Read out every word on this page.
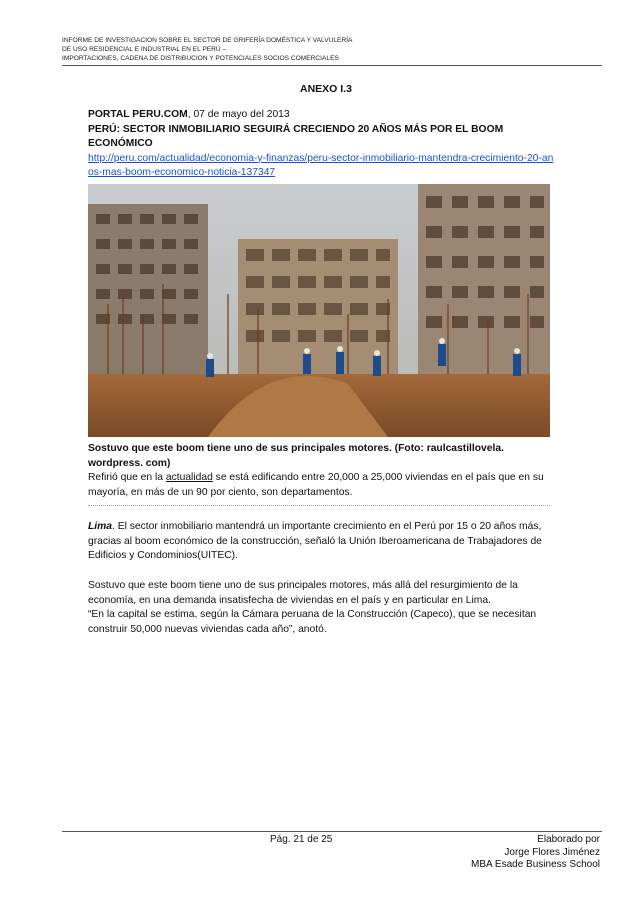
INFORME DE INVESTIGACION SOBRE EL SECTOR DE GRIFERÍA DOMÉSTICA Y VALVULERÍA
DE USO RESIDENCIAL E INDUSTRIAL EN EL PERÚ –
IMPORTACIONES, CADENA DE DISTRIBUCION Y POTENCIALES SOCIOS COMERCIALES
ANEXO I.3
PORTAL PERU.COM, 07 de mayo del 2013
PERÚ: SECTOR INMOBILIARIO SEGUIRÁ CRECIENDO 20 AÑOS MÁS POR EL BOOM ECONÓMICO
http://peru.com/actualidad/economia-y-finanzas/peru-sector-inmobiliario-mantendra-crecimiento-20-anos-mas-boom-economico-noticia-137347
Sostuvo que este boom tiene uno de sus principales motores. (Foto: raulcastillovela. wordpress. com)
Refirió que en la actualidad se está edificando entre 20,000 a 25,000 viviendas en el país que en su mayoría, en más de un 90 por ciento, son departamentos.
Lima. El sector inmobiliario mantendrá un importante crecimiento en el Perú por 15 o 20 años más, gracias al boom económico de la construcción, señaló la Unión Iberoamericana de Trabajadores de Edificios y Condominios(UITEC).
Sostuvo que este boom tiene uno de sus principales motores, más allá del resurgimiento de la economía, en una demanda insatisfecha de viviendas en el país y en particular en Lima.
“En la capital se estima, según la Cámara peruana de la Construcción (Capeco), que se necesitan construir 50,000 nuevas viviendas cada año”, anotó.
Pág. 21 de 25	Elaborado por
Jorge Flores Jiménez
MBA Esade Business School
